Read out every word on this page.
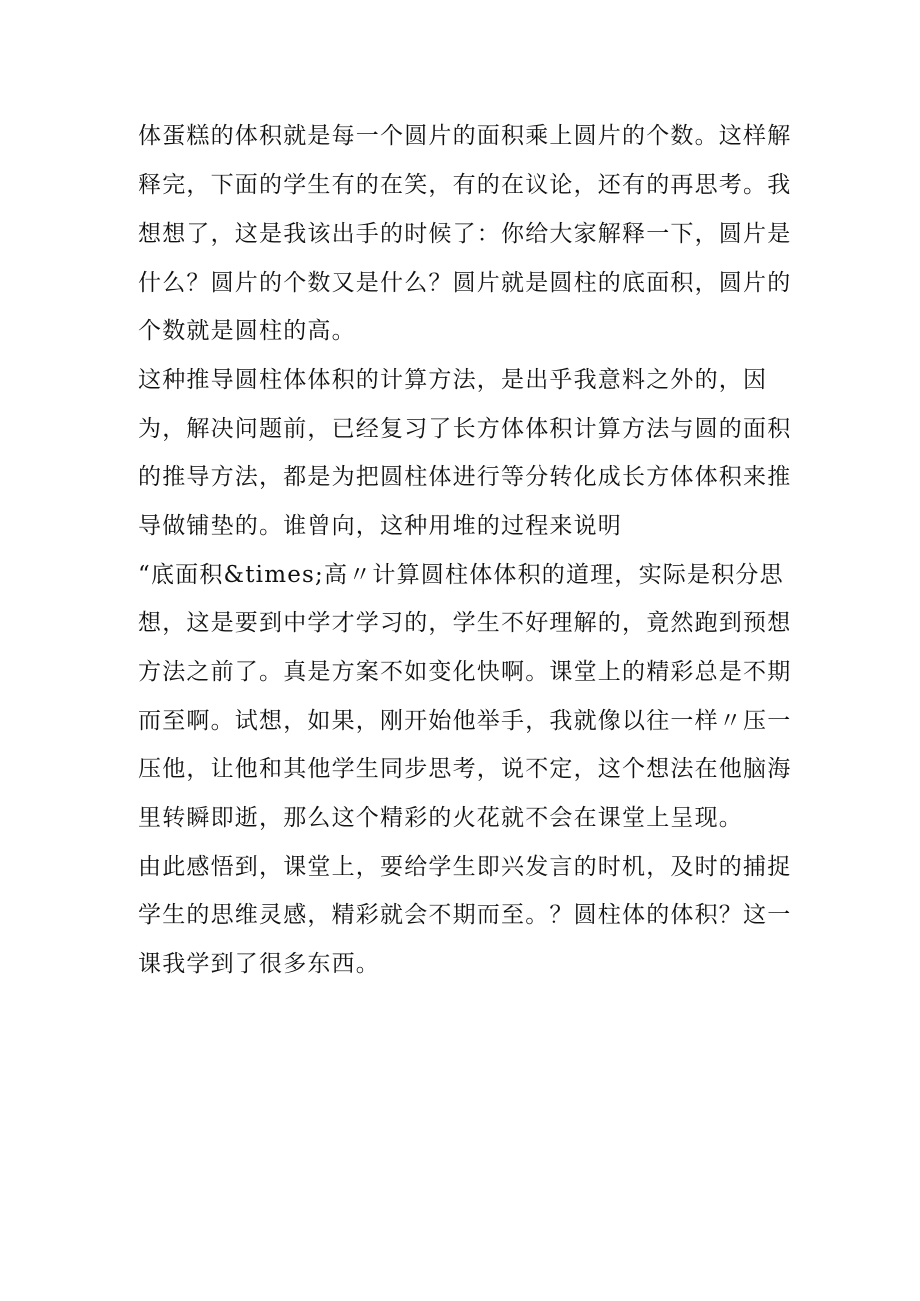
体蛋糕的体积就是每一个圆片的面积乘上圆片的个数。这样解
释完，下面的学生有的在笑，有的在议论，还有的再思考。我
想想了，这是我该出手的时候了：你给大家解释一下，圆片是
什么？圆片的个数又是什么？圆片就是圆柱的底面积，圆片的
个数就是圆柱的高。
这种推导圆柱体体积的计算方法，是出乎我意料之外的，因
为，解决问题前，已经复习了长方体体积计算方法与圆的面积
的推导方法，都是为把圆柱体进行等分转化成长方体体积来推
导做铺垫的。谁曾向，这种用堆的过程来说明
“底面积&times;高〃计算圆柱体体积的道理，实际是积分思
想，这是要到中学才学习的，学生不好理解的，竟然跑到预想
方法之前了。真是方案不如变化快啊。课堂上的精彩总是不期
而至啊。试想，如果，刚开始他举手，我就像以往一样〃压一
压他，让他和其他学生同步思考，说不定，这个想法在他脑海
里转瞬即逝，那么这个精彩的火花就不会在课堂上呈现。
由此感悟到，课堂上，要给学生即兴发言的时机，及时的捕捉
学生的思维灵感，精彩就会不期而至。？圆柱体的体积？这一
课我学到了很多东西。
